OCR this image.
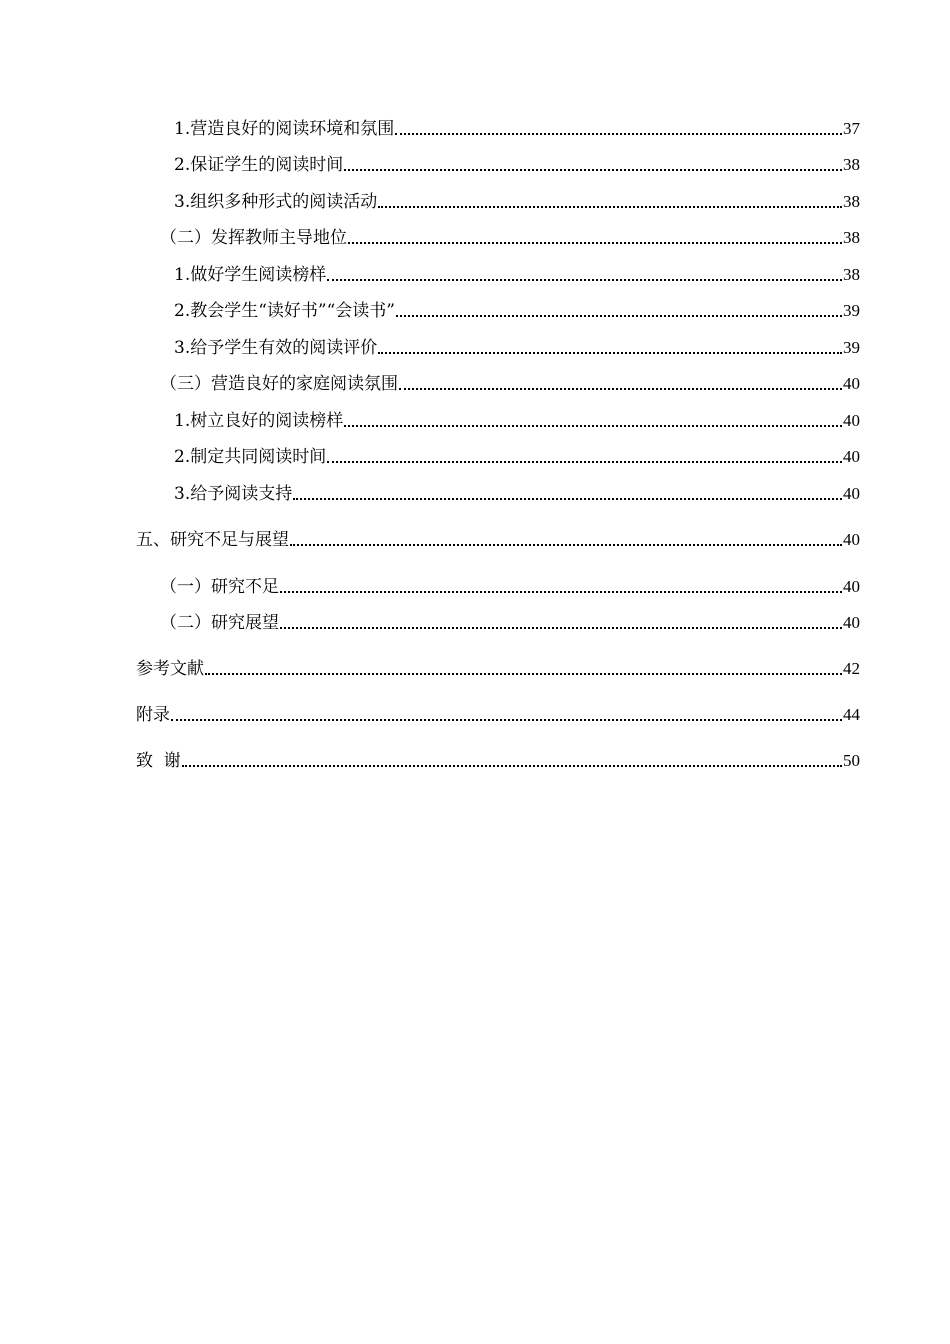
1.营造良好的阅读环境和氛围	37
2.保证学生的阅读时间	38
3.组织多种形式的阅读活动	38
（二）发挥教师主导地位	38
1.做好学生阅读榜样	38
2.教会学生“读好书”“会读书”	39
3.给予学生有效的阅读评价	39
（三）营造良好的家庭阅读氛围	40
1.树立良好的阅读榜样	40
2.制定共同阅读时间	40
3.给予阅读支持	40
五、研究不足与展望	40
（一）研究不足	40
（二）研究展望	40
参考文献	42
附录	44
致  谢	50
